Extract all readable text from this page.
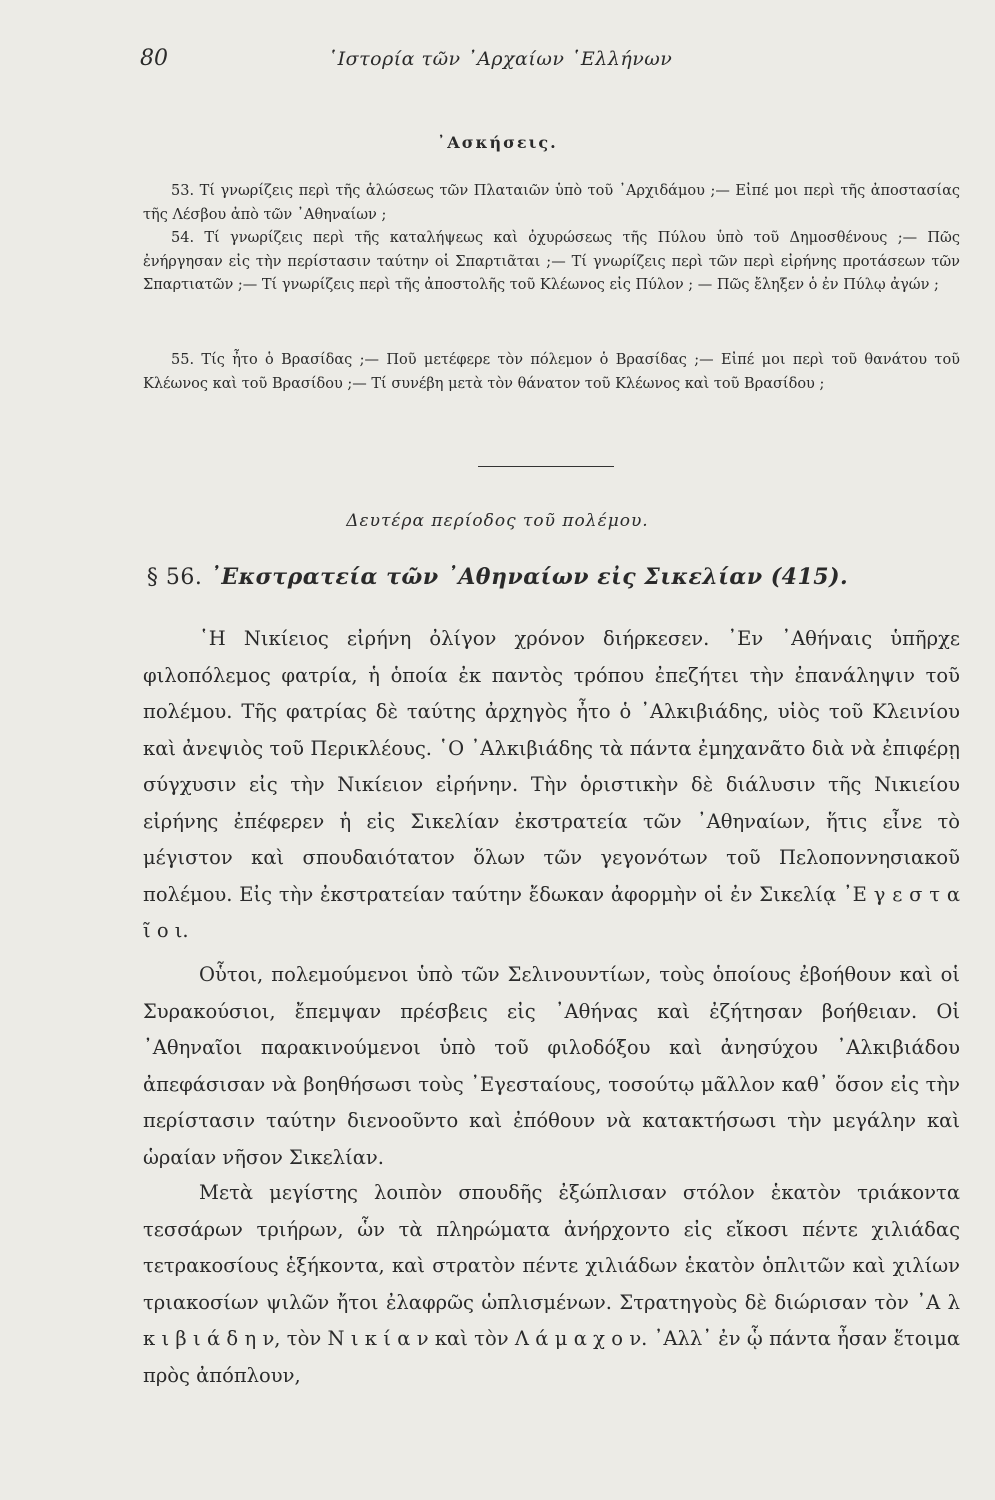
80	῾Ιστορία τῶν ᾿Αρχαίων ῾Ελλήνων
᾿Ασκήσεις.

53. Τί γνωρίζεις περὶ τῆς ἁλώσεως τῶν Πλαταιῶν ὑπὸ τοῦ ᾿Αρχιδάμου ;— Εἰπέ μοι περὶ τῆς ἀποστασίας τῆς Λέσβου ἀπὸ τῶν ᾿Αθηναίων ;

54. Τί γνωρίζεις περὶ τῆς καταλήψεως καὶ ὀχυρώσεως τῆς Πύλου ὑπὸ τοῦ Δημοσθένους ;— Πῶς ἐνήργησαν εἰς τὴν περίστασιν ταύτην οἱ Σπαρτιᾶται ;— Τί γνωρίζεις περὶ τῶν περὶ εἰρήνης προτάσεων τῶν Σπαρτιατῶν ;— Τί γνωρίζεις περὶ τῆς ἀποστολῆς τοῦ Κλέωνος εἰς Πύλον ; — Πῶς ἔληξεν ὁ ἐν Πύλῳ ἀγών ;

55. Τίς ἦτο ὁ Βρασίδας ;— Ποῦ μετέφερε τὸν πόλεμον ὁ Βρασίδας ;— Εἰπέ μοι περὶ τοῦ θανάτου τοῦ Κλέωνος καὶ τοῦ Βρασίδου ;— Τί συνέβη μετὰ τὸν θάνατον τοῦ Κλέωνος καὶ τοῦ Βρασίδου ;

Δευτέρα περίοδος τοῦ πολέμου.
§ 56. ᾿Εκστρατεία τῶν ᾿Αθηναίων εἰς Σικελίαν (415).

῾Η Νικίειος εἰρήνη ὀλίγον χρόνον διήρκεσεν. ᾿Εν ᾿Αθήναις ὑπῆρχε φιλοπόλεμος φατρία, ἡ ὁποία ἐκ παντὸς τρόπου ἐπεζήτει τὴν ἐπανάληψιν τοῦ πολέμου. Τῆς φατρίας δὲ ταύτης ἀρχηγὸς ἦτο ὁ ᾿Αλκιβιάδης, υἱὸς τοῦ Κλεινίου καὶ ἀνεψιὸς τοῦ Περικλέους. ῾Ο ᾿Αλκιβιάδης τὰ πάντα ἐμηχανᾶτο διὰ νὰ ἐπιφέρῃ σύγχυσιν εἰς τὴν Νικίειον εἰρήνην. Τὴν ὁριστικὴν δὲ διάλυσιν τῆς Νικιείου εἰρήνης ἐπέφερεν ἡ εἰς Σικελίαν ἐκστρατεία τῶν ᾿Αθηναίων, ἥτις εἶνε τὸ μέγιστον καὶ σπουδαιότατον ὅλων τῶν γεγονότων τοῦ Πελοποννησιακοῦ πολέμου. Εἰς τὴν ἐκστρατείαν ταύτην ἔδωκαν ἀφορμὴν οἱ ἐν Σικελίᾳ ᾿Ε γ ε σ τ α ῖ ο ι.

Οὗτοι, πολεμούμενοι ὑπὸ τῶν Σελινουντίων, τοὺς ὁποίους ἐβοήθουν καὶ οἱ Συρακούσιοι, ἔπεμψαν πρέσβεις εἰς ᾿Αθήνας καὶ ἐζήτησαν βοήθειαν. Οἱ ᾿Αθηναῖοι παρακινούμενοι ὑπὸ τοῦ φιλοδόξου καὶ ἀνησύχου ᾿Αλκιβιάδου ἀπεφάσισαν νὰ βοηθήσωσι τοὺς ᾿Εγεσταίους, τοσούτῳ μᾶλλον καθ᾿ ὅσον εἰς τὴν περίστασιν ταύτην διενοοῦντο καὶ ἐπόθουν νὰ κατακτήσωσι τὴν μεγάλην καὶ ὡραίαν νῆσον Σικελίαν.

Μετὰ μεγίστης λοιπὸν σπουδῆς ἐξώπλισαν στόλον ἑκατὸν τριάκοντα τεσσάρων τριήρων, ὧν τὰ πληρώματα ἀνήρχοντο εἰς εἴκοσι πέντε χιλιάδας τετρακοσίους ἑξήκοντα, καὶ στρατὸν πέντε χιλιάδων ἑκατὸν ὁπλιτῶν καὶ χιλίων τριακοσίων ψιλῶν ἤτοι ἐλαφρῶς ὡπλισμένων. Στρατηγοὺς δὲ διώρισαν τὸν ᾿Α λ κ ι β ι ά δ η ν, τὸν Ν ι κ ί α ν καὶ τὸν Λ ά μ α χ ο ν. ᾿Αλλ᾿ ἐν ᾧ πάντα ἦσαν ἕτοιμα πρὸς ἀπόπλουν,
